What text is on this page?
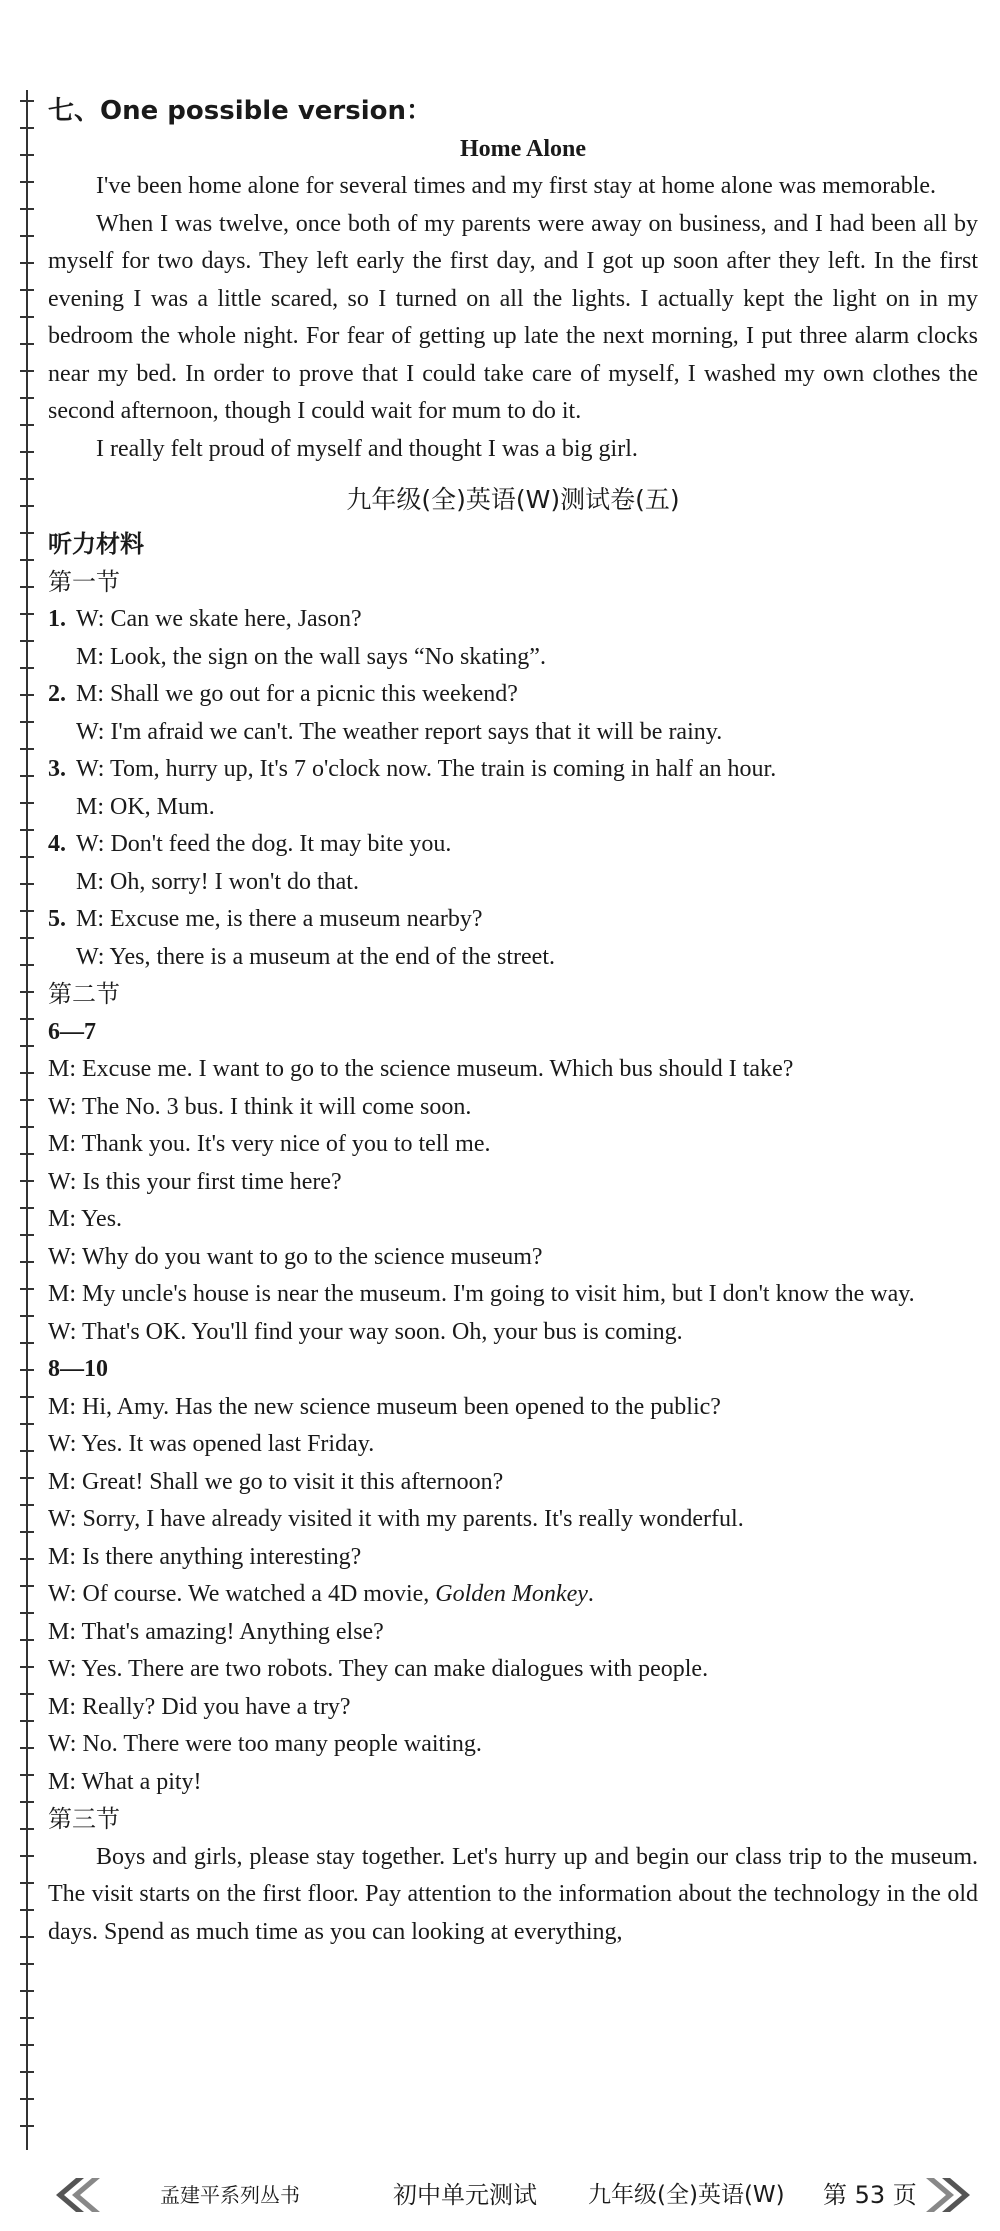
七、One possible version：
Home Alone
I've been home alone for several times and my first stay at home alone was memorable.
When I was twelve, once both of my parents were away on business, and I had been all by myself for two days. They left early the first day, and I got up soon after they left. In the first evening I was a little scared, so I turned on all the lights. I actually kept the light on in my bedroom the whole night. For fear of getting up late the next morning, I put three alarm clocks near my bed. In order to prove that I could take care of myself, I washed my own clothes the second afternoon, though I could wait for mum to do it.
I really felt proud of myself and thought I was a big girl.
九年级(全)英语(W)测试卷(五)
听力材料
第一节
1. W: Can we skate here, Jason?
M: Look, the sign on the wall says “No skating”.
2. M: Shall we go out for a picnic this weekend?
W: I'm afraid we can't. The weather report says that it will be rainy.
3. W: Tom, hurry up, It's 7 o'clock now. The train is coming in half an hour.
M: OK, Mum.
4. W: Don't feed the dog. It may bite you.
M: Oh, sorry! I won't do that.
5. M: Excuse me, is there a museum nearby?
W: Yes, there is a museum at the end of the street.
第二节
6—7
M: Excuse me. I want to go to the science museum. Which bus should I take?
W: The No. 3 bus. I think it will come soon.
M: Thank you. It's very nice of you to tell me.
W: Is this your first time here?
M: Yes.
W: Why do you want to go to the science museum?
M: My uncle's house is near the museum. I'm going to visit him, but I don't know the way.
W: That's OK. You'll find your way soon. Oh, your bus is coming.
8—10
M: Hi, Amy. Has the new science museum been opened to the public?
W: Yes. It was opened last Friday.
M: Great! Shall we go to visit it this afternoon?
W: Sorry, I have already visited it with my parents. It's really wonderful.
M: Is there anything interesting?
W: Of course. We watched a 4D movie, Golden Monkey.
M: That's amazing! Anything else?
W: Yes. There are two robots. They can make dialogues with people.
M: Really? Did you have a try?
W: No. There were too many people waiting.
M: What a pity!
第三节
Boys and girls, please stay together. Let's hurry up and begin our class trip to the museum. The visit starts on the first floor. Pay attention to the information about the technology in the old days. Spend as much time as you can looking at everything,
孟建平系列丛书	初中单元测试 九年级(全)英语(W) 第 53 页
